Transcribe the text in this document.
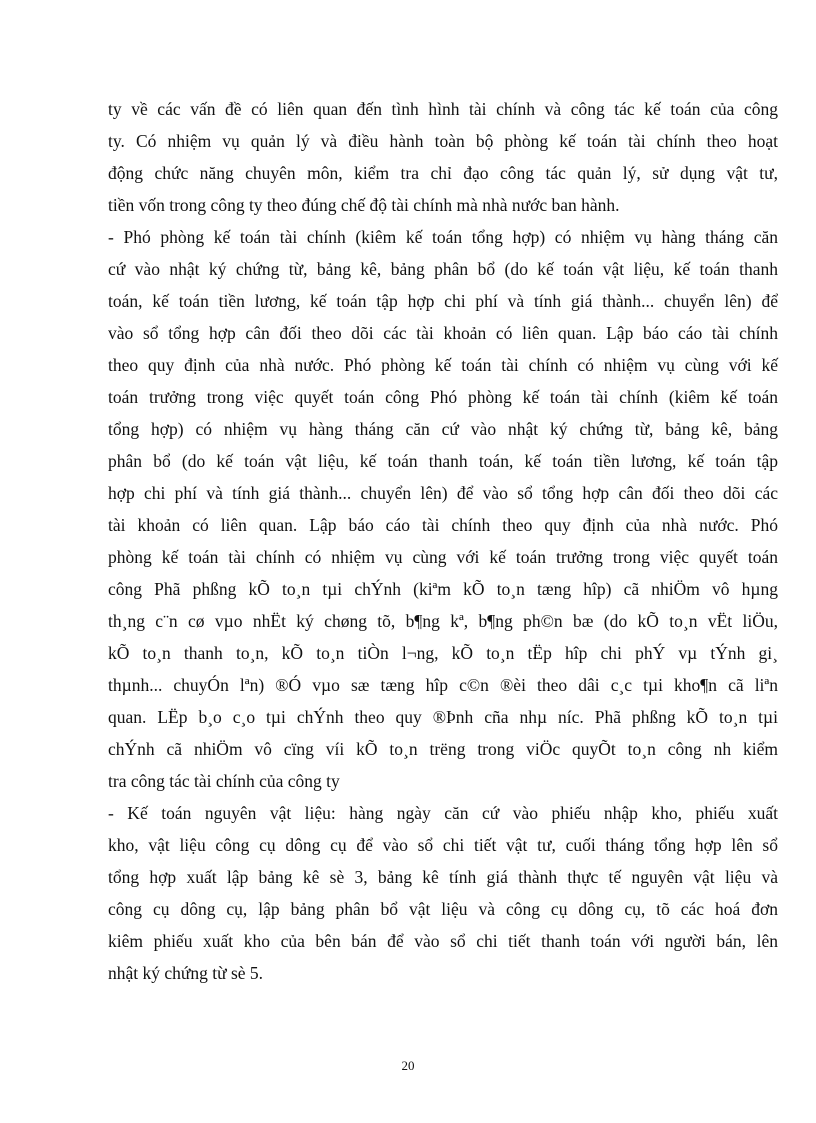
ty về các vấn đề có liên quan đến tình hình tài chính và công tác kế toán của công
ty. Có nhiệm vụ quản lý và điều hành toàn bộ phòng kế toán tài chính theo hoạt
động chức năng chuyên môn, kiểm tra chỉ đạo công tác quản lý, sử dụng vật tư,
tiền vốn trong công ty theo đúng chế độ tài chính mà nhà nước ban hành.
- Phó phòng kế toán tài chính (kiêm kế toán tổng hợp) có nhiệm vụ hàng tháng căn
cứ vào nhật ký chứng từ, bảng kê, bảng phân bổ (do kế toán vật liệu, kế toán thanh
toán, kế toán tiền lương, kế toán tập hợp chi phí và tính giá thành... chuyển lên) để
vào sổ tổng hợp cân đối theo dõi các tài khoản có liên quan. Lập báo cáo tài chính
theo quy định của nhà nước. Phó phòng kế toán tài chính có nhiệm vụ cùng với kế
toán trưởng trong việc quyết toán công Phó phòng kế toán tài chính (kiêm kế toán
tổng hợp) có nhiệm vụ hàng tháng căn cứ vào nhật ký chứng từ, bảng kê, bảng
phân bổ (do kế toán vật liệu, kế toán thanh toán, kế toán tiền lương, kế toán tập
hợp chi phí và tính giá thành... chuyển lên) để vào sổ tổng hợp cân đối theo dõi các
tài khoản có liên quan. Lập báo cáo tài chính theo quy định của nhà nước. Phó
phòng kế toán tài chính có nhiệm vụ cùng với kế toán trưởng trong việc quyết toán
công Phã phßng kÕ to¸n tµi chÝnh (kiªm kÕ to¸n tæng hîp) cã nhiÖm vô hµng
th¸ng c¨n cø vµo nhËt ký chøng tõ, b¶ng kª, b¶ng ph©n bæ (do kÕ to¸n vËt liÖu,
kÕ to¸n thanh to¸n, kÕ to¸n tiÒn l¬ng, kÕ to¸n tËp hîp chi phÝ vµ tÝnh gi¸
thµnh... chuyÓn lªn) ®Ó vµo sæ tæng hîp c©n ®èi theo dâi c¸c tµi kho¶n cã liªn
quan. LËp b¸o c¸o tµi chÝnh theo quy ®Þnh cña nhµ níc. Phã phßng kÕ to¸n tµi
chÝnh cã nhiÖm vô cïng víi kÕ to¸n trëng trong viÖc quyÕt to¸n công nh kiểm
tra công tác tài chính của công ty
- Kế toán nguyên vật liệu: hàng ngày căn cứ vào phiếu nhập kho, phiếu xuất
kho, vật liệu công cụ dông cụ để vào sổ chi tiết vật tư, cuối tháng tổng hợp lên sổ
tổng hợp xuất lập bảng kê sè 3, bảng kê tính giá thành thực tế nguyên vật liệu và
công cụ dông cụ, lập bảng phân bổ vật liệu và công cụ dông cụ, tõ các hoá đơn
kiêm phiếu xuất kho của bên bán để vào sổ chi tiết thanh toán với người bán, lên
nhật ký chứng từ sè 5.
20
